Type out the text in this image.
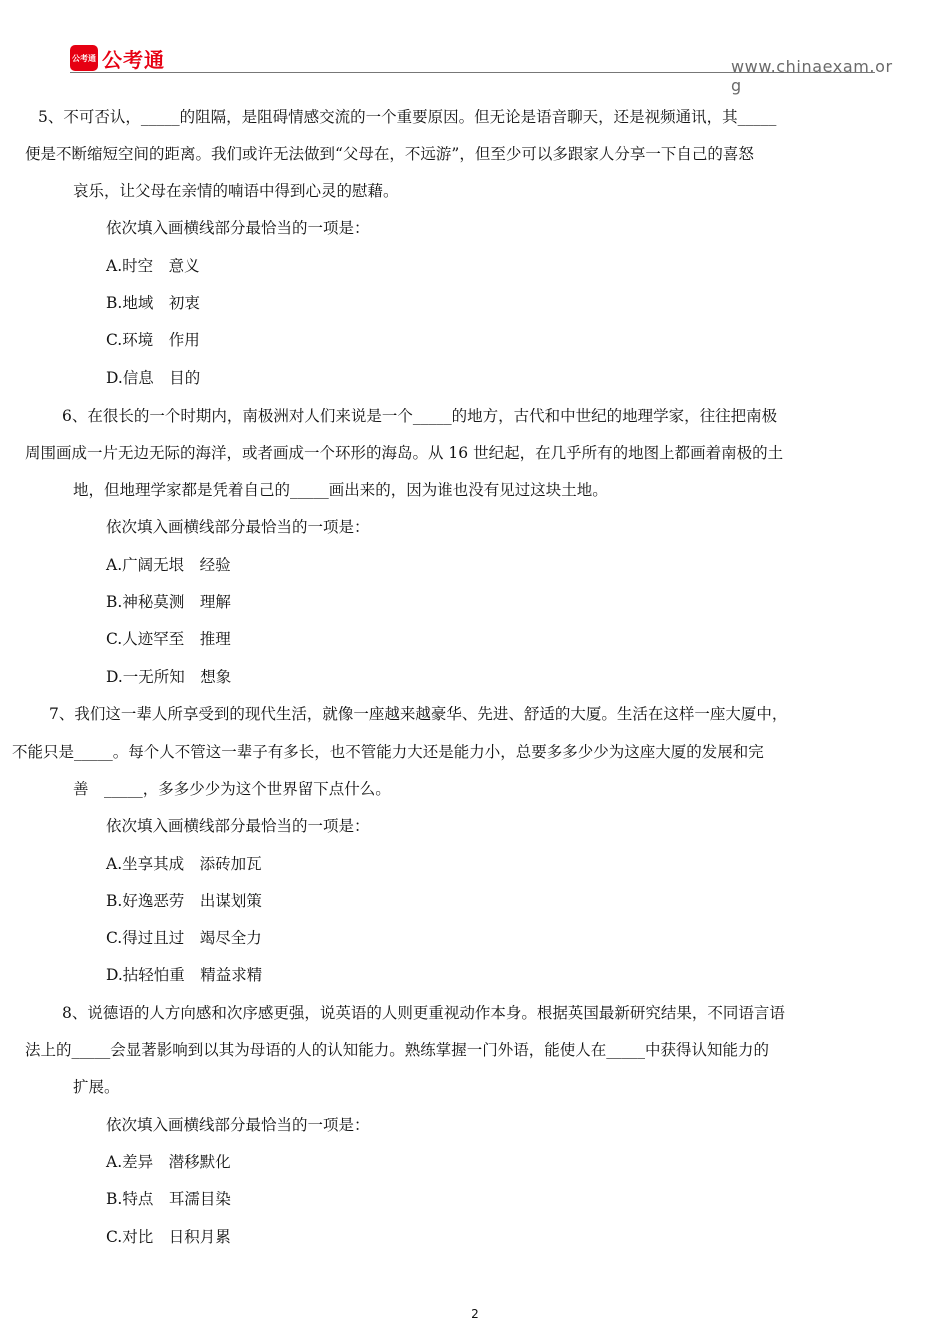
公考通 公考通	www.chinaexam.org
5、不可否认，_____的阻隔，是阻碍情感交流的一个重要原因。但无论是语音聊天，还是视频通讯，其_____
便是不断缩短空间的距离。我们或许无法做到“父母在，不远游”，但至少可以多跟家人分享一下自己的喜怒
哀乐，让父母在亲情的喃语中得到心灵的慰藉。
依次填入画横线部分最恰当的一项是：
A.时空　意义
B.地域　初衷
C.环境　作用
D.信息　目的
6、在很长的一个时期内，南极洲对人们来说是一个_____的地方，古代和中世纪的地理学家，往往把南极
周围画成一片无边无际的海洋，或者画成一个环形的海岛。从 16 世纪起，在几乎所有的地图上都画着南极的土
地，但地理学家都是凭着自己的_____画出来的，因为谁也没有见过这块土地。
依次填入画横线部分最恰当的一项是：
A.广阔无垠　经验
B.神秘莫测　理解
C.人迹罕至　推理
D.一无所知　想象
7、我们这一辈人所享受到的现代生活，就像一座越来越豪华、先进、舒适的大厦。生活在这样一座大厦中，
不能只是_____。每个人不管这一辈子有多长，也不管能力大还是能力小，总要多多少少为这座大厦的发展和完
善　_____，多多少少为这个世界留下点什么。
依次填入画横线部分最恰当的一项是：
A.坐享其成　添砖加瓦
B.好逸恶劳　出谋划策
C.得过且过　竭尽全力
D.拈轻怕重　精益求精
8、说德语的人方向感和次序感更强，说英语的人则更重视动作本身。根据英国最新研究结果，不同语言语
法上的_____会显著影响到以其为母语的人的认知能力。熟练掌握一门外语，能使人在_____中获得认知能力的
扩展。
依次填入画横线部分最恰当的一项是：
A.差异　潜移默化
B.特点　耳濡目染
C.对比　日积月累
2
